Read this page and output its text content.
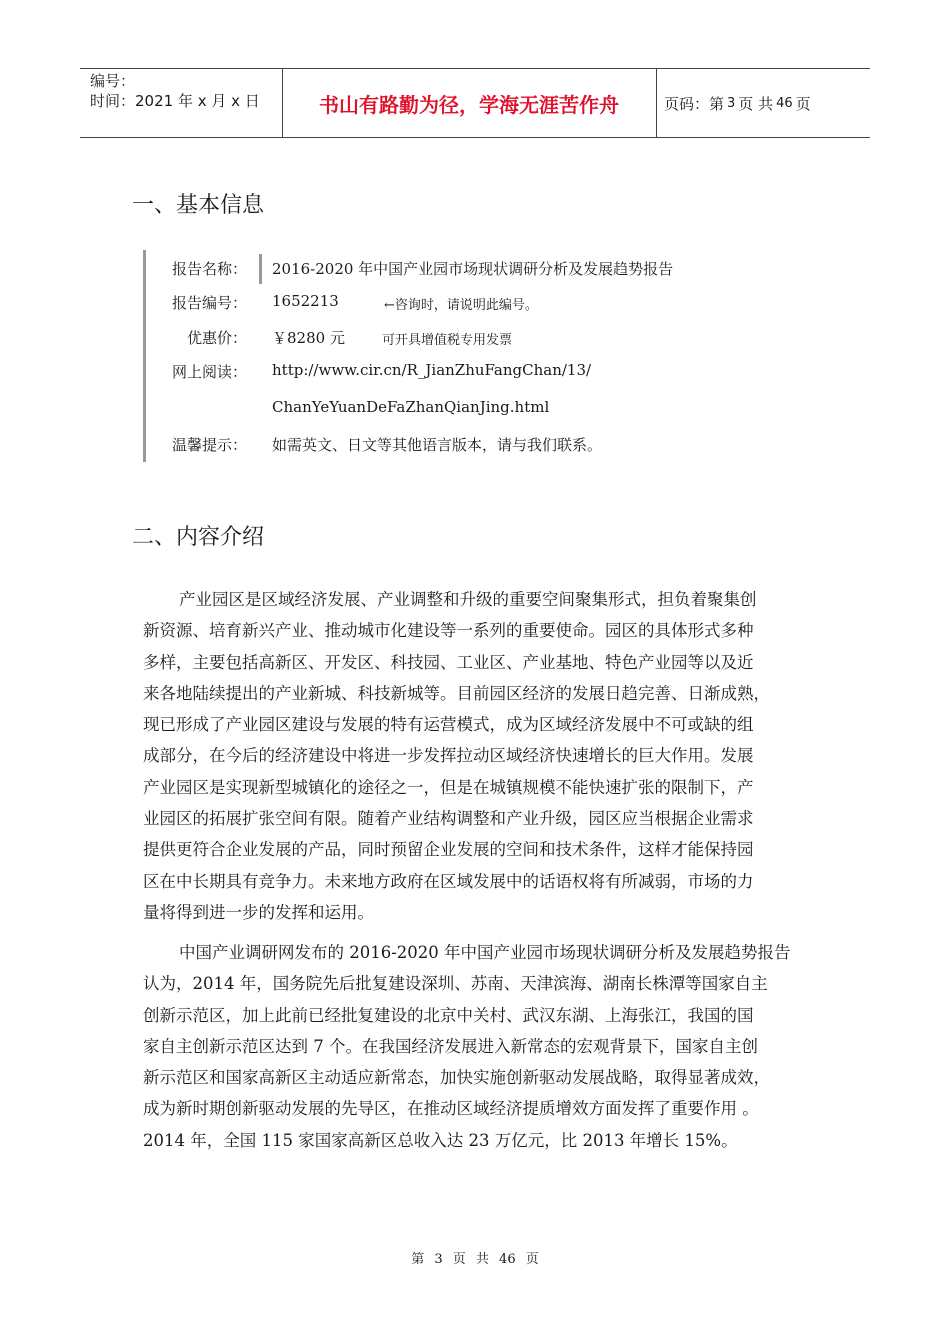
编号：
时间：2021 年 x 月 x 日	书山有路勤为径，学海无涯苦作舟	页码：第 3 页 共 46 页
一、基本信息
报告名称： 2016-2020 年中国产业园市场现状调研分析及发展趋势报告
报告编号： 1652213	←咨询时，请说明此编号。
优惠价： ￥8280 元	可开具增值税专用发票
网上阅读： http://www.cir.cn/R_JianZhuFangChan/13/
ChanYeYuanDeFaZhanQianJing.html
温馨提示： 如需英文、日文等其他语言版本，请与我们联系。
二、内容介绍
产业园区是区域经济发展、产业调整和升级的重要空间聚集形式，担负着聚集创
新资源、培育新兴产业、推动城市化建设等一系列的重要使命。园区的具体形式多种
多样，主要包括高新区、开发区、科技园、工业区、产业基地、特色产业园等以及近
来各地陆续提出的产业新城、科技新城等。目前园区经济的发展日趋完善、日渐成熟，
现已形成了产业园区建设与发展的特有运营模式，成为区域经济发展中不可或缺的组
成部分，在今后的经济建设中将进一步发挥拉动区域经济快速增长的巨大作用。发展
产业园区是实现新型城镇化的途径之一，但是在城镇规模不能快速扩张的限制下，产
业园区的拓展扩张空间有限。随着产业结构调整和产业升级，园区应当根据企业需求
提供更符合企业发展的产品，同时预留企业发展的空间和技术条件，这样才能保持园
区在中长期具有竞争力。未来地方政府在区域发展中的话语权将有所减弱，市场的力
量将得到进一步的发挥和运用。
中国产业调研网发布的 2016-2020 年中国产业园市场现状调研分析及发展趋势报告
认为，2014 年，国务院先后批复建设深圳、苏南、天津滨海、湖南长株潭等国家自主
创新示范区，加上此前已经批复建设的北京中关村、武汉东湖、上海张江，我国的国
家自主创新示范区达到 7 个。在我国经济发展进入新常态的宏观背景下，国家自主创
新示范区和国家高新区主动适应新常态，加快实施创新驱动发展战略，取得显著成效，
成为新时期创新驱动发展的先导区，在推动区域经济提质增效方面发挥了重要作用 。
2014 年，全国 115 家国家高新区总收入达 23 万亿元，比 2013 年增长 15%。
第 3 页 共 46 页
